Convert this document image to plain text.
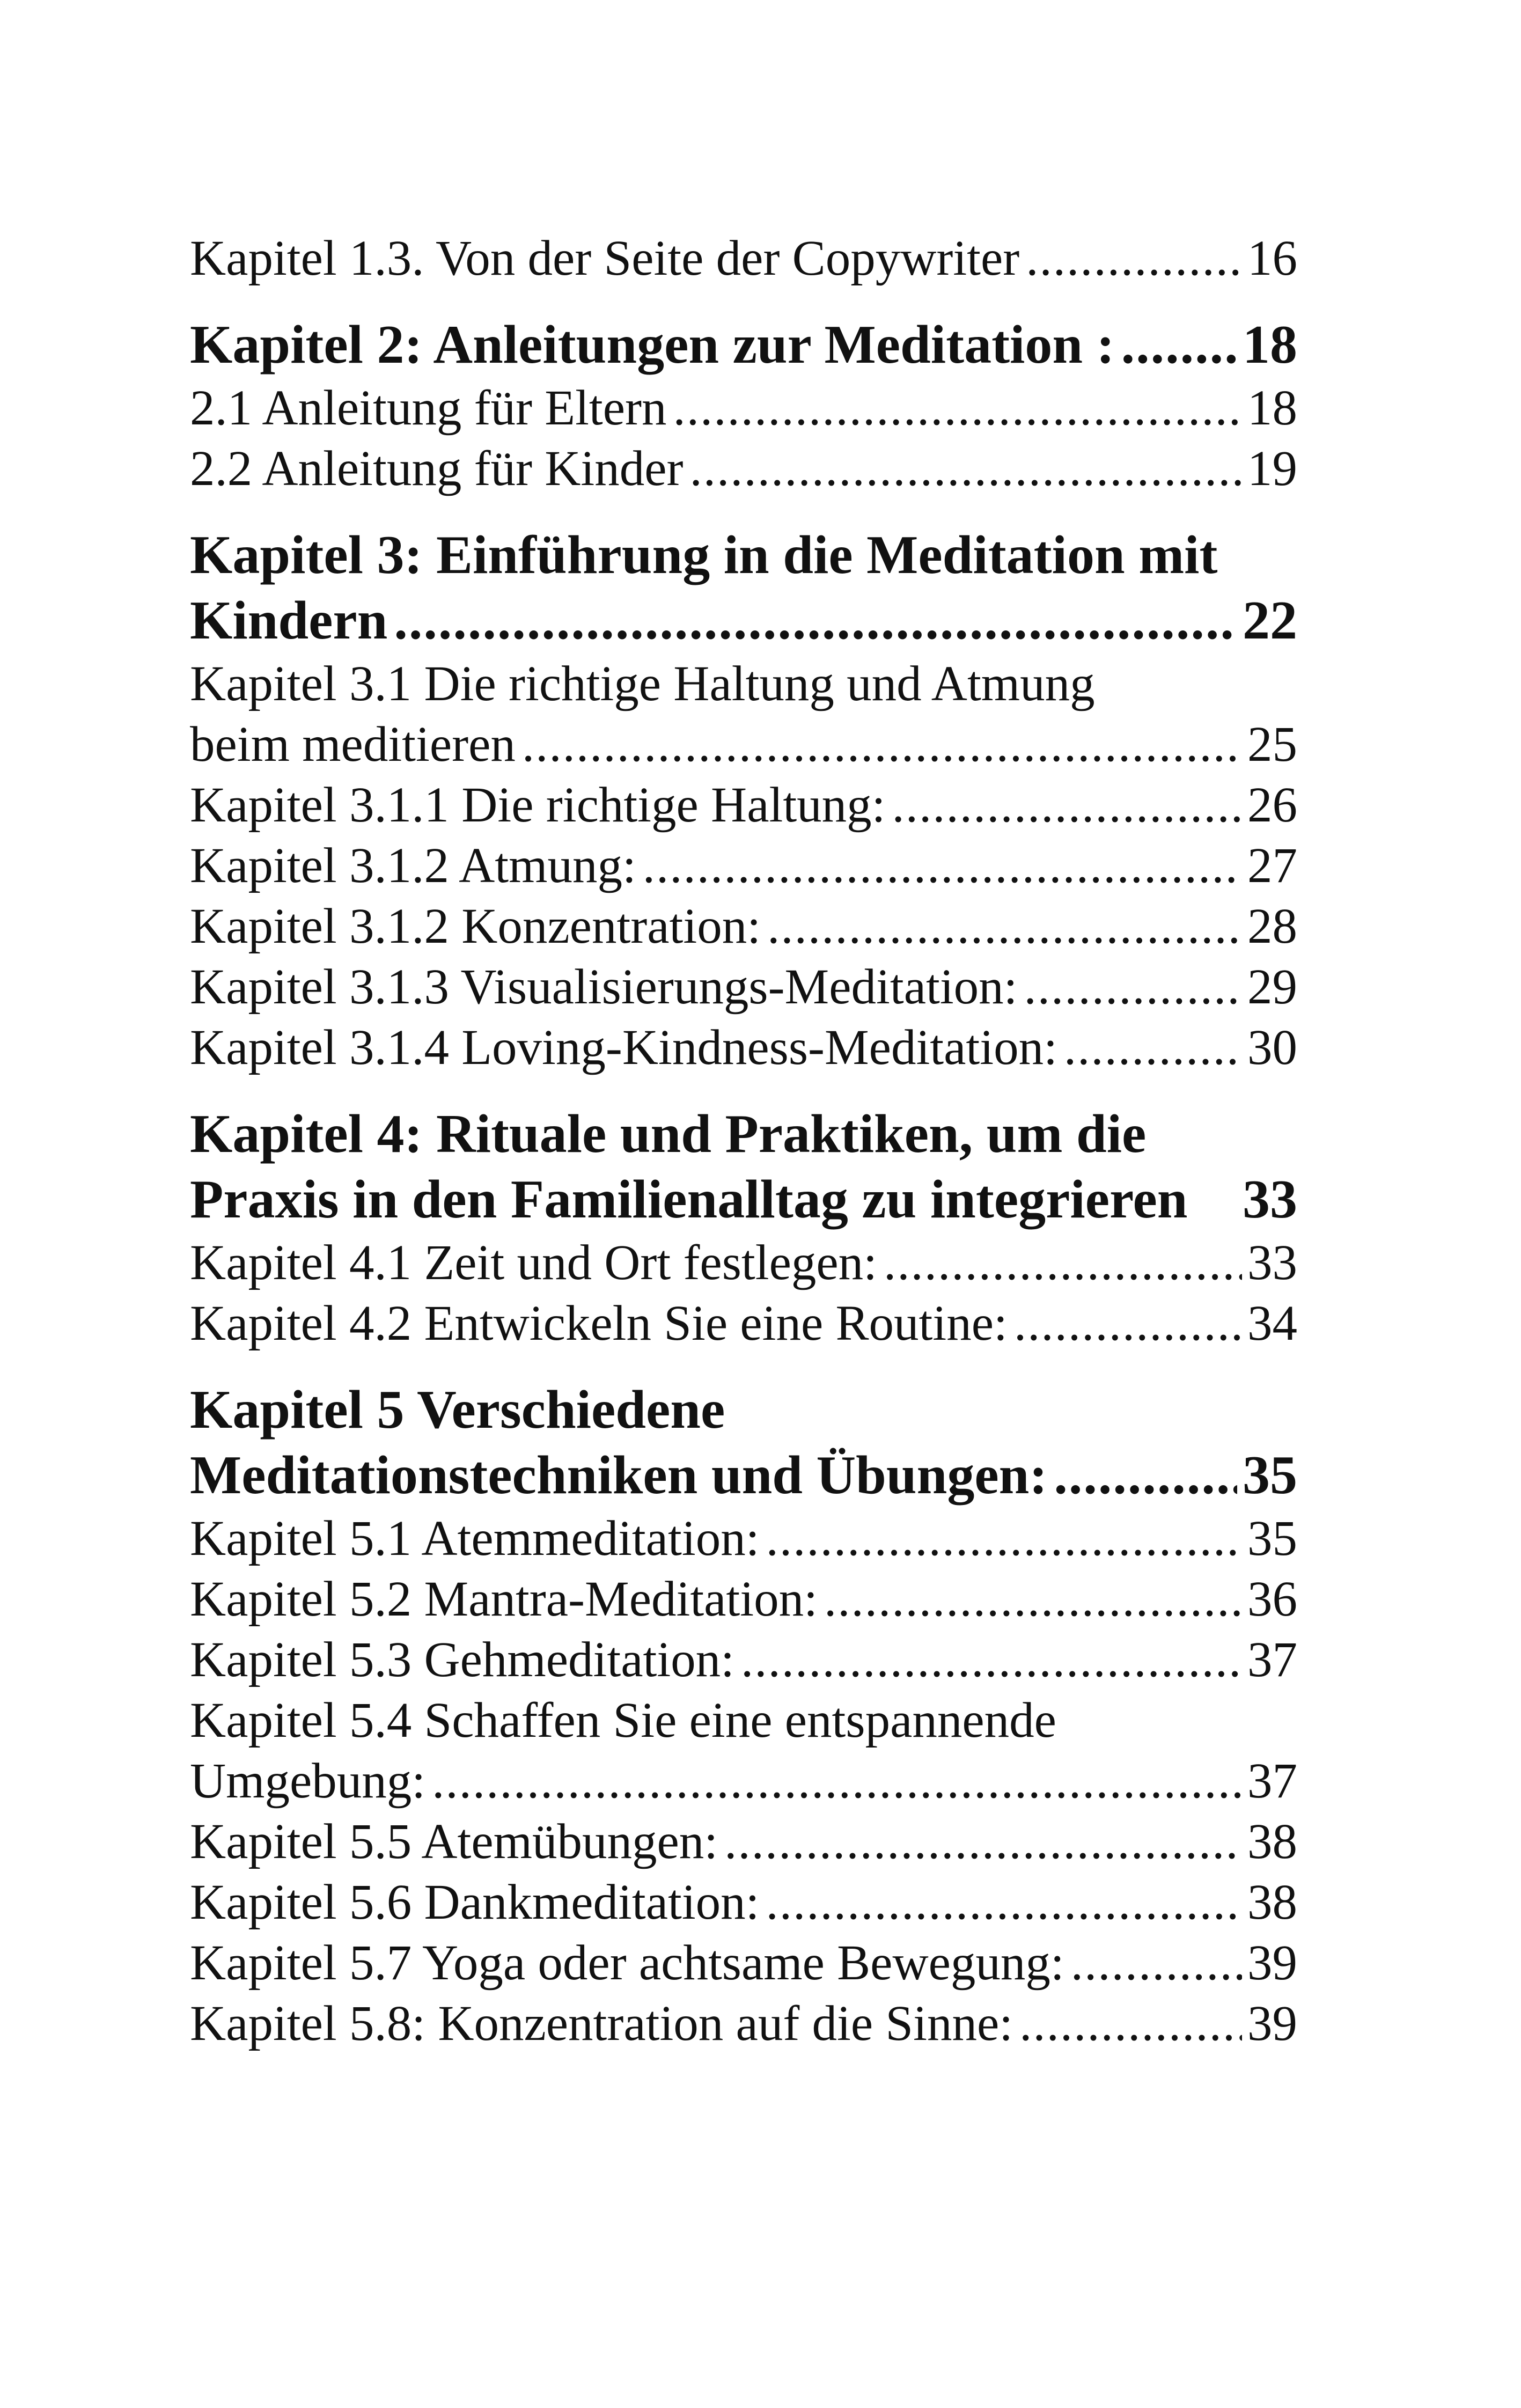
Kapitel 1.3. Von der Seite der Copywriter .....	16
Kapitel 2: Anleitungen zur Meditation : ..... 18
2.1 Anleitung für Eltern .....	18
2.2 Anleitung für Kinder .....	19
Kapitel 3: Einführung in die Meditation mit
Kindern .....	22
Kapitel 3.1 Die richtige Haltung und Atmung
beim meditieren .....	25
Kapitel 3.1.1 Die richtige Haltung: .....	26
Kapitel 3.1.2 Atmung: .....	27
Kapitel 3.1.2 Konzentration: .....	28
Kapitel 3.1.3 Visualisierungs-Meditation: .....	29
Kapitel 3.1.4 Loving-Kindness-Meditation: .....	30
Kapitel 4: Rituale und Praktiken, um die
Praxis in den Familienalltag zu integrieren 33
Kapitel 4.1 Zeit und Ort festlegen: .....	33
Kapitel 4.2 Entwickeln Sie eine Routine: .....	34
Kapitel 5 Verschiedene
Meditationstechniken und Übungen: .....	35
Kapitel 5.1 Atemmeditation: .....	35
Kapitel 5.2 Mantra-Meditation: .....	36
Kapitel 5.3 Gehmeditation: .....	37
Kapitel 5.4 Schaffen Sie eine entspannende
Umgebung: .....	37
Kapitel 5.5 Atemübungen: .....	38
Kapitel 5.6 Dankmeditation: .....	38
Kapitel 5.7 Yoga oder achtsame Bewegung: .....	39
Kapitel 5.8: Konzentration auf die Sinne: .....	39
